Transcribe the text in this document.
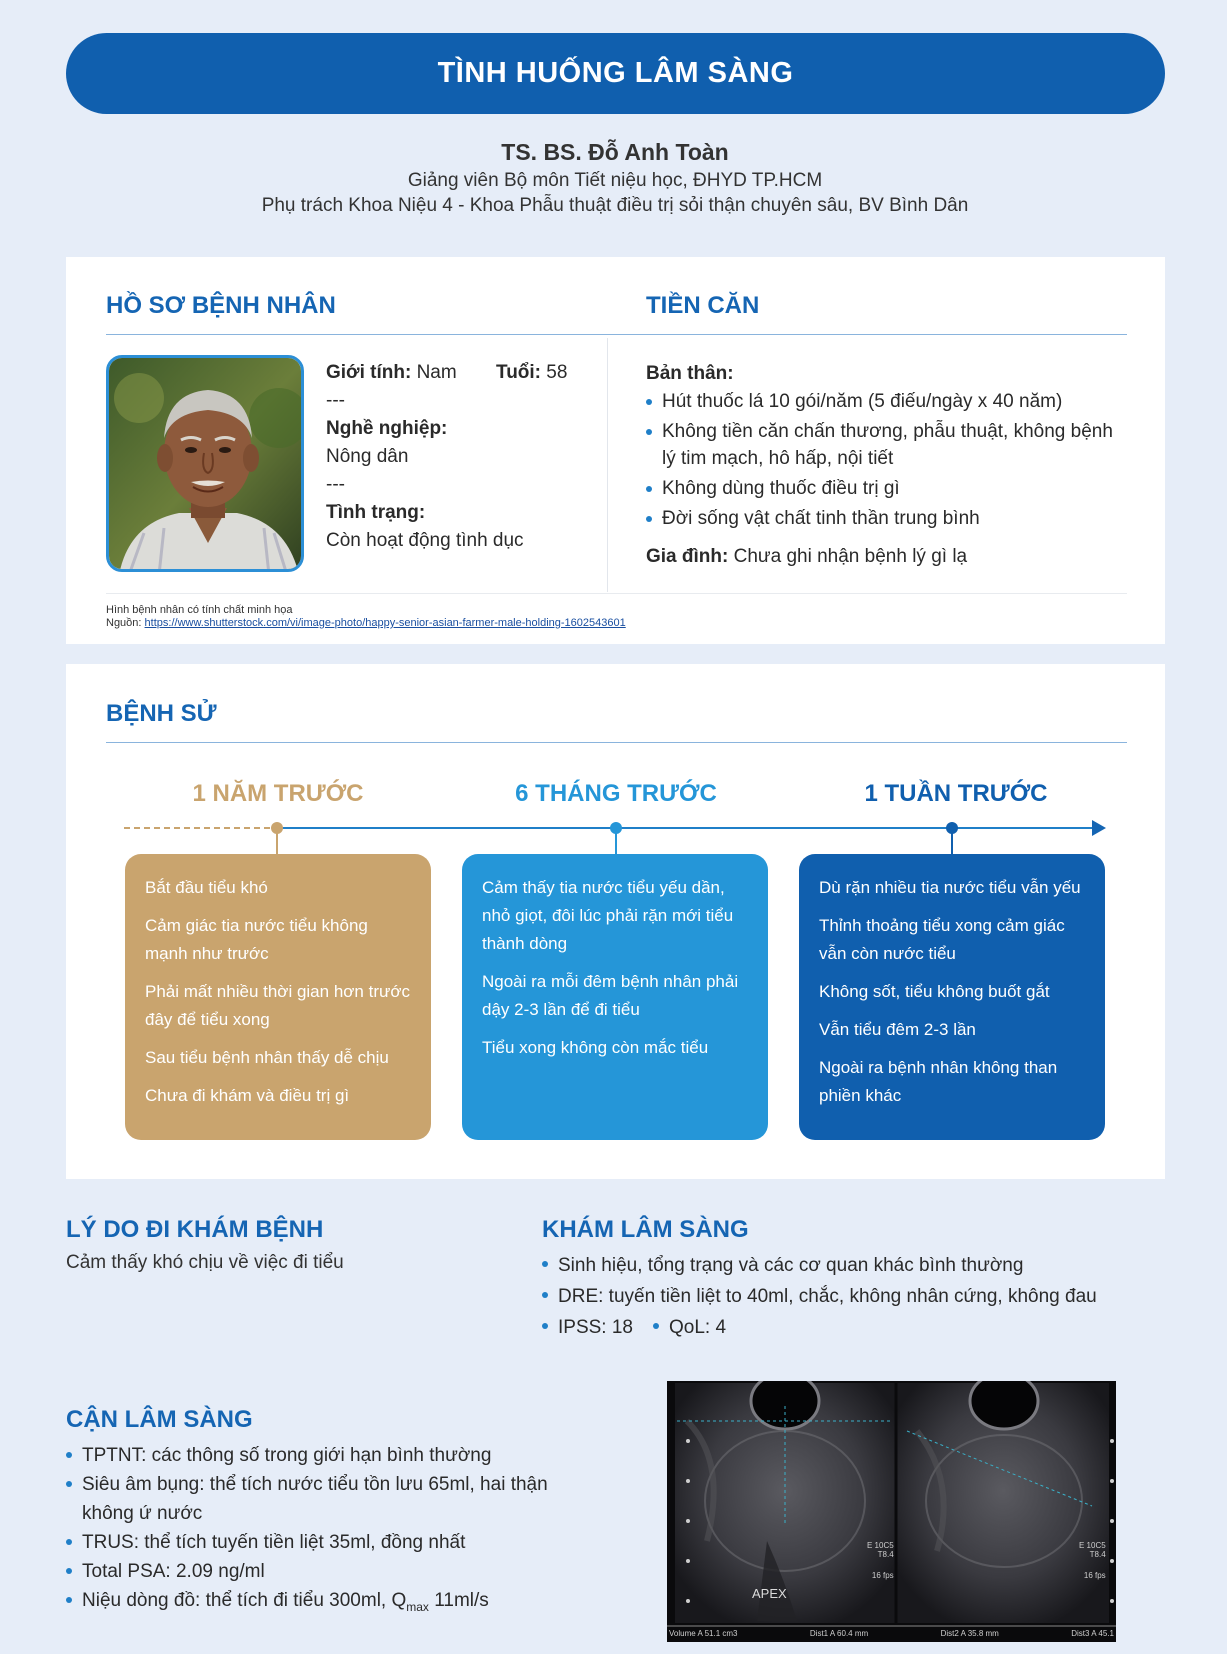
TÌNH HUỐNG LÂM SÀNG
TS. BS. Đỗ Anh Toàn
Giảng viên Bộ môn Tiết niệu học, ĐHYD TP.HCM
Phụ trách Khoa Niệu 4 - Khoa Phẫu thuật điều trị sỏi thận chuyên sâu, BV Bình Dân
HỒ SƠ BỆNH NHÂN	TIỀN CĂN
Giới tính: Nam Tuổi: 58
---
Nghề nghiệp:
Nông dân
---
Tình trạng:
Còn hoạt động tình dục
Bản thân:
Hút thuốc lá 10 gói/năm (5 điếu/ngày x 40 năm)
Không tiền căn chấn thương, phẫu thuật, không bệnh lý tim mạch, hô hấp, nội tiết
Không dùng thuốc điều trị gì
Đời sống vật chất tinh thần trung bình
Gia đình: Chưa ghi nhận bệnh lý gì lạ
Hình bệnh nhân có tính chất minh họa
Nguồn: https://www.shutterstock.com/vi/image-photo/happy-senior-asian-farmer-male-holding-1602543601
BỆNH SỬ
1 NĂM TRƯỚC	6 THÁNG TRƯỚC	1 TUẦN TRƯỚC

Bắt đầu tiểu khó

Cảm giác tia nước tiểu không mạnh như trước

Phải mất nhiều thời gian hơn trước đây để tiểu xong

Sau tiểu bệnh nhân thấy dễ chịu

Chưa đi khám và điều trị gì

Cảm thấy tia nước tiểu yếu dần, nhỏ giọt, đôi lúc phải rặn mới tiểu thành dòng

Ngoài ra mỗi đêm bệnh nhân phải dậy 2-3 lần để đi tiểu

Tiểu xong không còn mắc tiểu

Dù rặn nhiều tia nước tiểu vẫn yếu

Thỉnh thoảng tiểu xong cảm giác vẫn còn nước tiểu

Không sốt, tiểu không buốt gắt

Vẫn tiểu đêm 2-3 lần

Ngoài ra bệnh nhân không than phiền khác

LÝ DO ĐI KHÁM BỆNH
Cảm thấy khó chịu về việc đi tiểu
KHÁM LÂM SÀNG
Sinh hiệu, tổng trạng và các cơ quan khác bình thường
DRE: tuyến tiền liệt to 40ml, chắc, không nhân cứng, không đau
IPSS: 18	QoL: 4
CẬN LÂM SÀNG
TPTNT: các thông số trong giới hạn bình thường
Siêu âm bụng: thể tích nước tiểu tồn lưu 65ml, hai thận không ứ nước
TRUS: thể tích tuyến tiền liệt 35ml, đồng nhất
Total PSA: 2.09 ng/ml
Niệu dòng đồ: thể tích đi tiểu 300ml, $Q_{max}$ 11ml/s	APEX
E 10C5
T8.4
16 fps
E 10C5
T8.4
16 fps
Volume A 51.1 cm3	Dist1 A 60.4 mm	Dist2 A 35.8 mm	Dist3 A 45.1
